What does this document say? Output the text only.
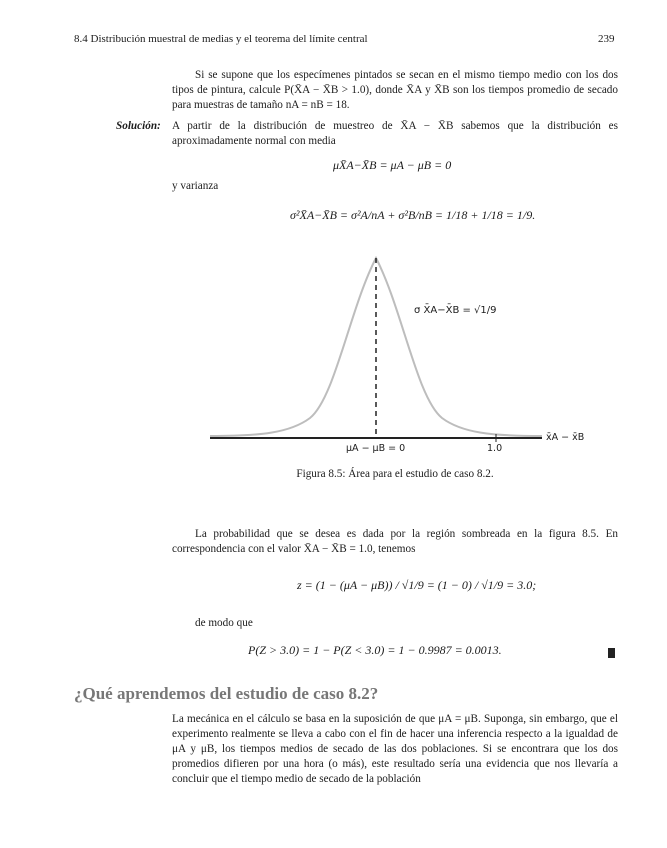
8.4 Distribución muestral de medias y el teorema del límite central	239
Si se supone que los especímenes pintados se secan en el mismo tiempo medio con los dos tipos de pintura, calcule P(X̄A − X̄B > 1.0), donde X̄A y X̄B son los tiempos promedio de secado para muestras de tamaño nA = nB = 18.
Solución: A partir de la distribución de muestreo de X̄A − X̄B sabemos que la distribución es aproximadamente normal con media
μX̄A−X̄B = μA − μB = 0
y varianza
σ²X̄A−X̄B = σ²A/nA + σ²B/nB = 1/18 + 1/18 = 1/9.
σ X̄A−X̄B = √1/9
μA − μB = 0	1.0
x̄A − x̄B
Figura 8.5: Área para el estudio de caso 8.2.
La probabilidad que se desea es dada por la región sombreada en la figura 8.5. En correspondencia con el valor X̄A − X̄B = 1.0, tenemos
z = (1 − (μA − μB)) / √1/9 = (1 − 0) / √1/9 = 3.0;
de modo que
P(Z > 3.0) = 1 − P(Z < 3.0) = 1 − 0.9987 = 0.0013.
¿Qué aprendemos del estudio de caso 8.2?
La mecánica en el cálculo se basa en la suposición de que μA = μB. Suponga, sin embargo, que el experimento realmente se lleva a cabo con el fin de hacer una inferencia respecto a la igualdad de μA y μB, los tiempos medios de secado de las dos poblaciones. Si se encontrara que los dos promedios difieren por una hora (o más), este resultado sería una evidencia que nos llevaría a concluir que el tiempo medio de secado de la población
